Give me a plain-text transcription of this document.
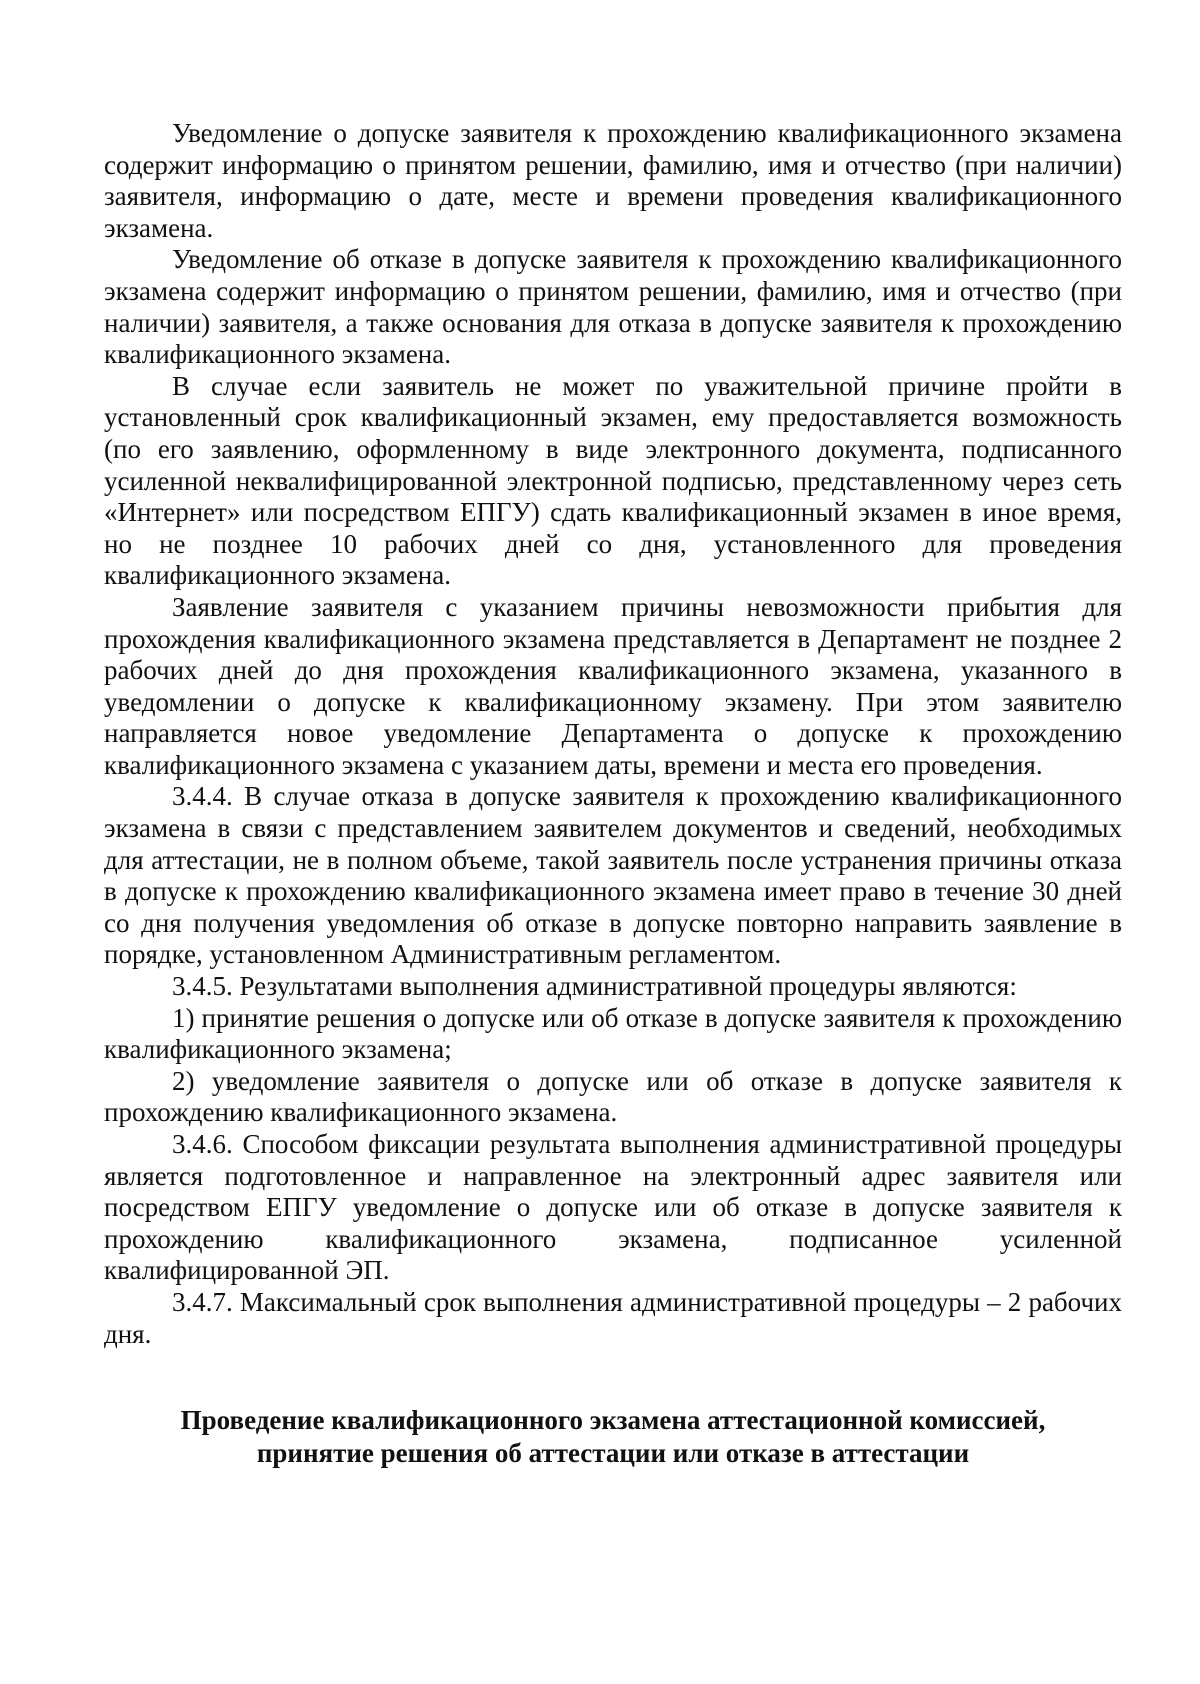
Уведомление о допуске заявителя к прохождению квалификационного экзамена содержит информацию о принятом решении, фамилию, имя и отчество (при наличии) заявителя, информацию о дате, месте и времени проведения квалификационного экзамена.

Уведомление об отказе в допуске заявителя к прохождению квалификационного экзамена содержит информацию о принятом решении, фамилию, имя и отчество (при наличии) заявителя, а также основания для отказа в допуске заявителя к прохождению квалификационного экзамена.

В случае если заявитель не может по уважительной причине пройти в установленный срок квалификационный экзамен, ему предоставляется возможность (по его заявлению, оформленному в виде электронного документа, подписанного усиленной неквалифицированной электронной подписью, представленному через сеть «Интернет» или посредством ЕПГУ) сдать квалификационный экзамен в иное время, но не позднее 10 рабочих дней со дня, установленного для проведения квалификационного экзамена.

Заявление заявителя с указанием причины невозможности прибытия для прохождения квалификационного экзамена представляется в Департамент не позднее 2 рабочих дней до дня прохождения квалификационного экзамена, указанного в уведомлении о допуске к квалификационному экзамену. При этом заявителю направляется новое уведомление Департамента о допуске к прохождению квалификационного экзамена с указанием даты, времени и места его проведения.

3.4.4. В случае отказа в допуске заявителя к прохождению квалификационного экзамена в связи с представлением заявителем документов и сведений, необходимых для аттестации, не в полном объеме, такой заявитель после устранения причины отказа в допуске к прохождению квалификационного экзамена имеет право в течение 30 дней со дня получения уведомления об отказе в допуске повторно направить заявление в порядке, установленном Административным регламентом.

3.4.5. Результатами выполнения административной процедуры являются:

1) принятие решения о допуске или об отказе в допуске заявителя к прохождению квалификационного экзамена;

2) уведомление заявителя о допуске или об отказе в допуске заявителя к прохождению квалификационного экзамена.

3.4.6. Способом фиксации результата выполнения административной процедуры является подготовленное и направленное на электронный адрес заявителя или посредством ЕПГУ уведомление о допуске или об отказе в допуске заявителя к прохождению квалификационного экзамена, подписанное усиленной квалифицированной ЭП.

3.4.7. Максимальный срок выполнения административной процедуры – 2 рабочих дня.

Проведение квалификационного экзамена аттестационной комиссией,
принятие решения об аттестации или отказе в аттестации
